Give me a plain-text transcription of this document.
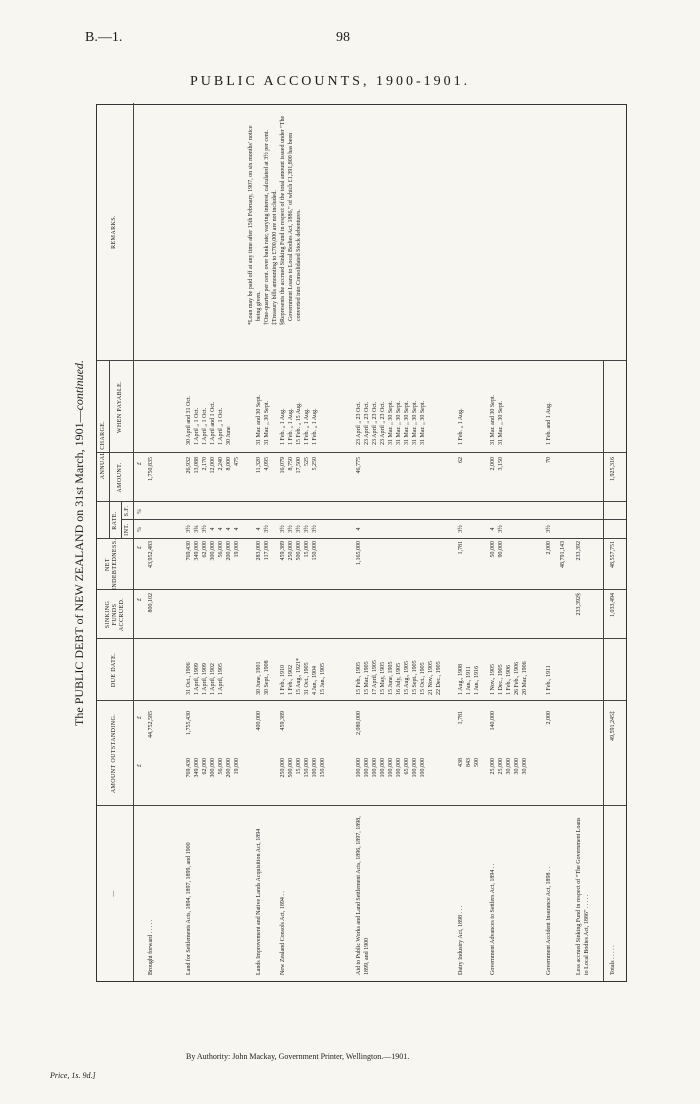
B.—1.	98
PUBLIC ACCOUNTS, 1900-1901.
The PUBLIC DEBT of NEW ZEALAND on 31st March, 1901—continued.
—
AMOUNT OUTSTANDING.
DUE DATE.
SINKING FUNDS ACCRUED.
NET INDEBTEDNESS.
ANNUAL CHARGE.
RATE. INT.
S.F.
AMOUNT.
WHEN PAYABLE.
REMARKS.
£
£
£
£
%
%
£
Brought forward . . . . .
44,752,585
800,102
43,952,483
1,750,835
Land for Settlements Acts, 1894, 1897, 1899, and 1900
769,430 349,000 62,000 300,000 56,000 200,000 19,000
1,755,430
31 Oct., 1906 1 April, 1909 1 April, 1909 1 April, 1902 1 April, 1905
769,430 349,000 62,000 300,000 56,000 200,000 19,000
3½ 3¾ 3½ 4 4 4 4
26,932 13,088 2,170 12,000 2,240 8,000 475
30 April and 31 Oct. 1 April „ 1 Oct. 1 April „ 1 Oct. 1 April and 1 Oct. 1 April „ 1 Oct. 30 June
Lands Improvement and Native Lands Acquisition Act, 1894
400,000
30 June, 1901 30 Sept., 1908
283,000 117,000
4 3½
11,320 4,095
31 Mar. and 30 Sept. 31 Mar. „ 30 Sept.
New Zealand Consols Act, 1894 . .
250,000 500,000 15,000 150,000 100,000 150,000
459,389
1 Feb., 1910 1 Feb., 1902 15 Aug., 1921* 31 Oct., 1905 4 Jan., 1904 15 Jan., 1905
459,389 250,000 500,000 15,000 150,000
3½ 3½ 3½ 3½ 3½
16,079 8,750 17,500 525 5,250
1 Feb. „ 1 Aug. 1 Feb. „ 1 Aug. 15 Feb. „ 15 Aug. 1 Feb. „ 1 Aug. 1 Feb. „ 1 Aug.
Aid to Public Works and Land Settlement Acts, 1896, 1897, 1898, 1899, and 1900
100,000 100,000 100,000 100,000 100,000 100,000 65,000 100,000 100,000
2,080,000
15 Feb., 1905 15 Mar., 1905 17 April, 1905 15 May, 1905 15 June, 1905 16 July, 1905 15 Aug., 1905 15 Sept., 1905 15 Oct., 1905 21 Nov., 1905 22 Dec., 1905
1,165,000
4
46,775
23 April „ 23 Oct. 23 April „ 23 Oct. 23 April „ 23 Oct. 23 April „ 23 Oct. 31 Mar. „ 30 Sept. 31 Mar. „ 30 Sept. 31 Mar. „ 30 Sept. 31 Mar. „ 30 Sept. 31 Mar. „ 30 Sept.
Dairy Industry Act, 1898 . . .
438 843 500
1,781
1 Aug., 1908 1 Jan., 1911 1 Jan., 1916
1,781
3½
62
1 Feb. „ 1 Aug.
Government Advances to Settlers Act, 1894 . .
25,000 25,000 30,000 30,000 30,000
140,000
1 Nov., 1905 1 Dec., 1905 1 Feb., 1906 26 Feb., 1906 20 Mar., 1906
50,000 90,000
4 3½
2,000 3,150
31 Mar. and 30 Sept. 31 Mar. „ 30 Sept.
Government Accident Insurance Act, 1898 . .
2,000
1 Feb., 1911
2,000
3½
70
1 Feb. and 1 Aug.
48,791,143
Less accrued Sinking Fund in respect of “The Government Loans to Local Bodies Act, 1886” . . . . .
233,392§
233,392
Totals . . . . .
49,591,245‡
1,033,494
48,557,751
1,925,316

*Loan may be paid off at any time after 15th February, 1907, on six months’ notice being given. †One-quarter per cent. over bank rate; varying interest, calculated at 3½ per cent. ‡Treasury bills amounting to £700,000 are not included. §Represents the accrued Sinking Fund in respect of the total amount issued under “The Government Loans to Local Bodies Act, 1886,” of which £1,391,800 has been converted into Consolidated Stock debentures.

By Authority: John Mackay, Government Printer, Wellington.—1901.
Price, 1s. 9d.]
